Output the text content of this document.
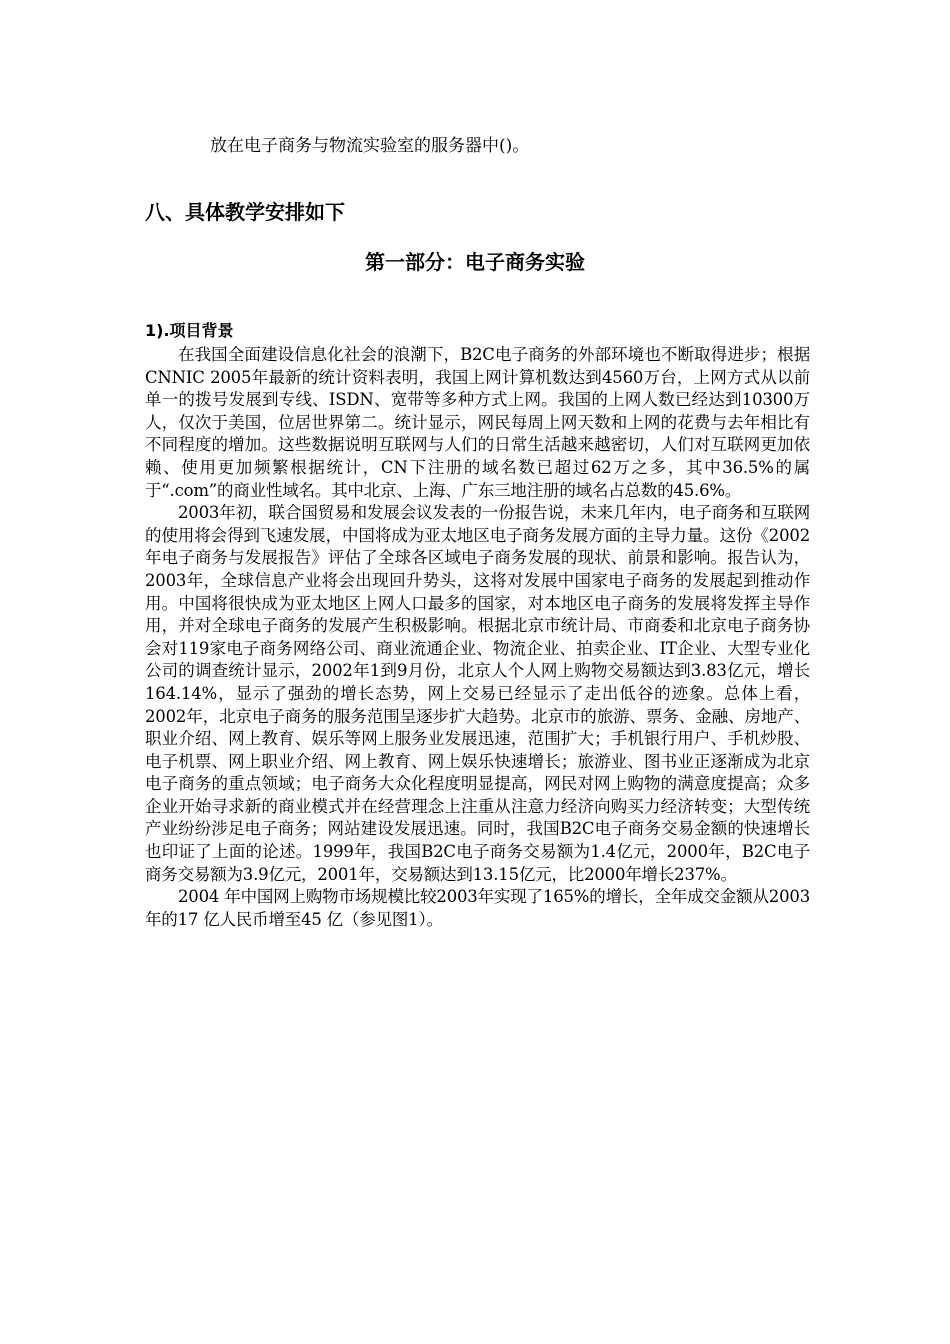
放在电子商务与物流实验室的服务器中()。
八、具体教学安排如下
第一部分：电子商务实验
1).项目背景

在我国全面建设信息化社会的浪潮下，B2C电子商务的外部环境也不断取得进步；根据CNNIC 2005年最新的统计资料表明，我国上网计算机数达到4560万台，上网方式从以前单一的拨号发展到专线、ISDN、宽带等多种方式上网。我国的上网人数已经达到10300万人，仅次于美国，位居世界第二。统计显示，网民每周上网天数和上网的花费与去年相比有不同程度的增加。这些数据说明互联网与人们的日常生活越来越密切，人们对互联网更加依赖、使用更加频繁根据统计，CN下注册的域名数已超过62万之多，其中36.5%的属于“.com”的商业性域名。其中北京、上海、广东三地注册的域名占总数的45.6%。

2003年初，联合国贸易和发展会议发表的一份报告说，未来几年内，电子商务和互联网的使用将会得到飞速发展，中国将成为亚太地区电子商务发展方面的主导力量。这份《2002年电子商务与发展报告》评估了全球各区域电子商务发展的现状、前景和影响。报告认为，2003年，全球信息产业将会出现回升势头，这将对发展中国家电子商务的发展起到推动作用。中国将很快成为亚太地区上网人口最多的国家，对本地区电子商务的发展将发挥主导作用，并对全球电子商务的发展产生积极影响。根据北京市统计局、市商委和北京电子商务协会对119家电子商务网络公司、商业流通企业、物流企业、拍卖企业、IT企业、大型专业化公司的调查统计显示，2002年1到9月份，北京人个人网上购物交易额达到3.83亿元，增长164.14%，显示了强劲的增长态势，网上交易已经显示了走出低谷的迹象。总体上看，2002年，北京电子商务的服务范围呈逐步扩大趋势。北京市的旅游、票务、金融、房地产、职业介绍、网上教育、娱乐等网上服务业发展迅速，范围扩大；手机银行用户、手机炒股、电子机票、网上职业介绍、网上教育、网上娱乐快速增长；旅游业、图书业正逐渐成为北京电子商务的重点领域；电子商务大众化程度明显提高，网民对网上购物的满意度提高；众多企业开始寻求新的商业模式并在经营理念上注重从注意力经济向购买力经济转变；大型传统产业纷纷涉足电子商务；网站建设发展迅速。同时，我国B2C电子商务交易金额的快速增长也印证了上面的论述。1999年，我国B2C电子商务交易额为1.4亿元，2000年，B2C电子商务交易额为3.9亿元，2001年，交易额达到13.15亿元，比2000年增长237%。

2004 年中国网上购物市场规模比较2003年实现了165%的增长，全年成交金额从2003 年的17 亿人民币增至45 亿（参见图1）。
